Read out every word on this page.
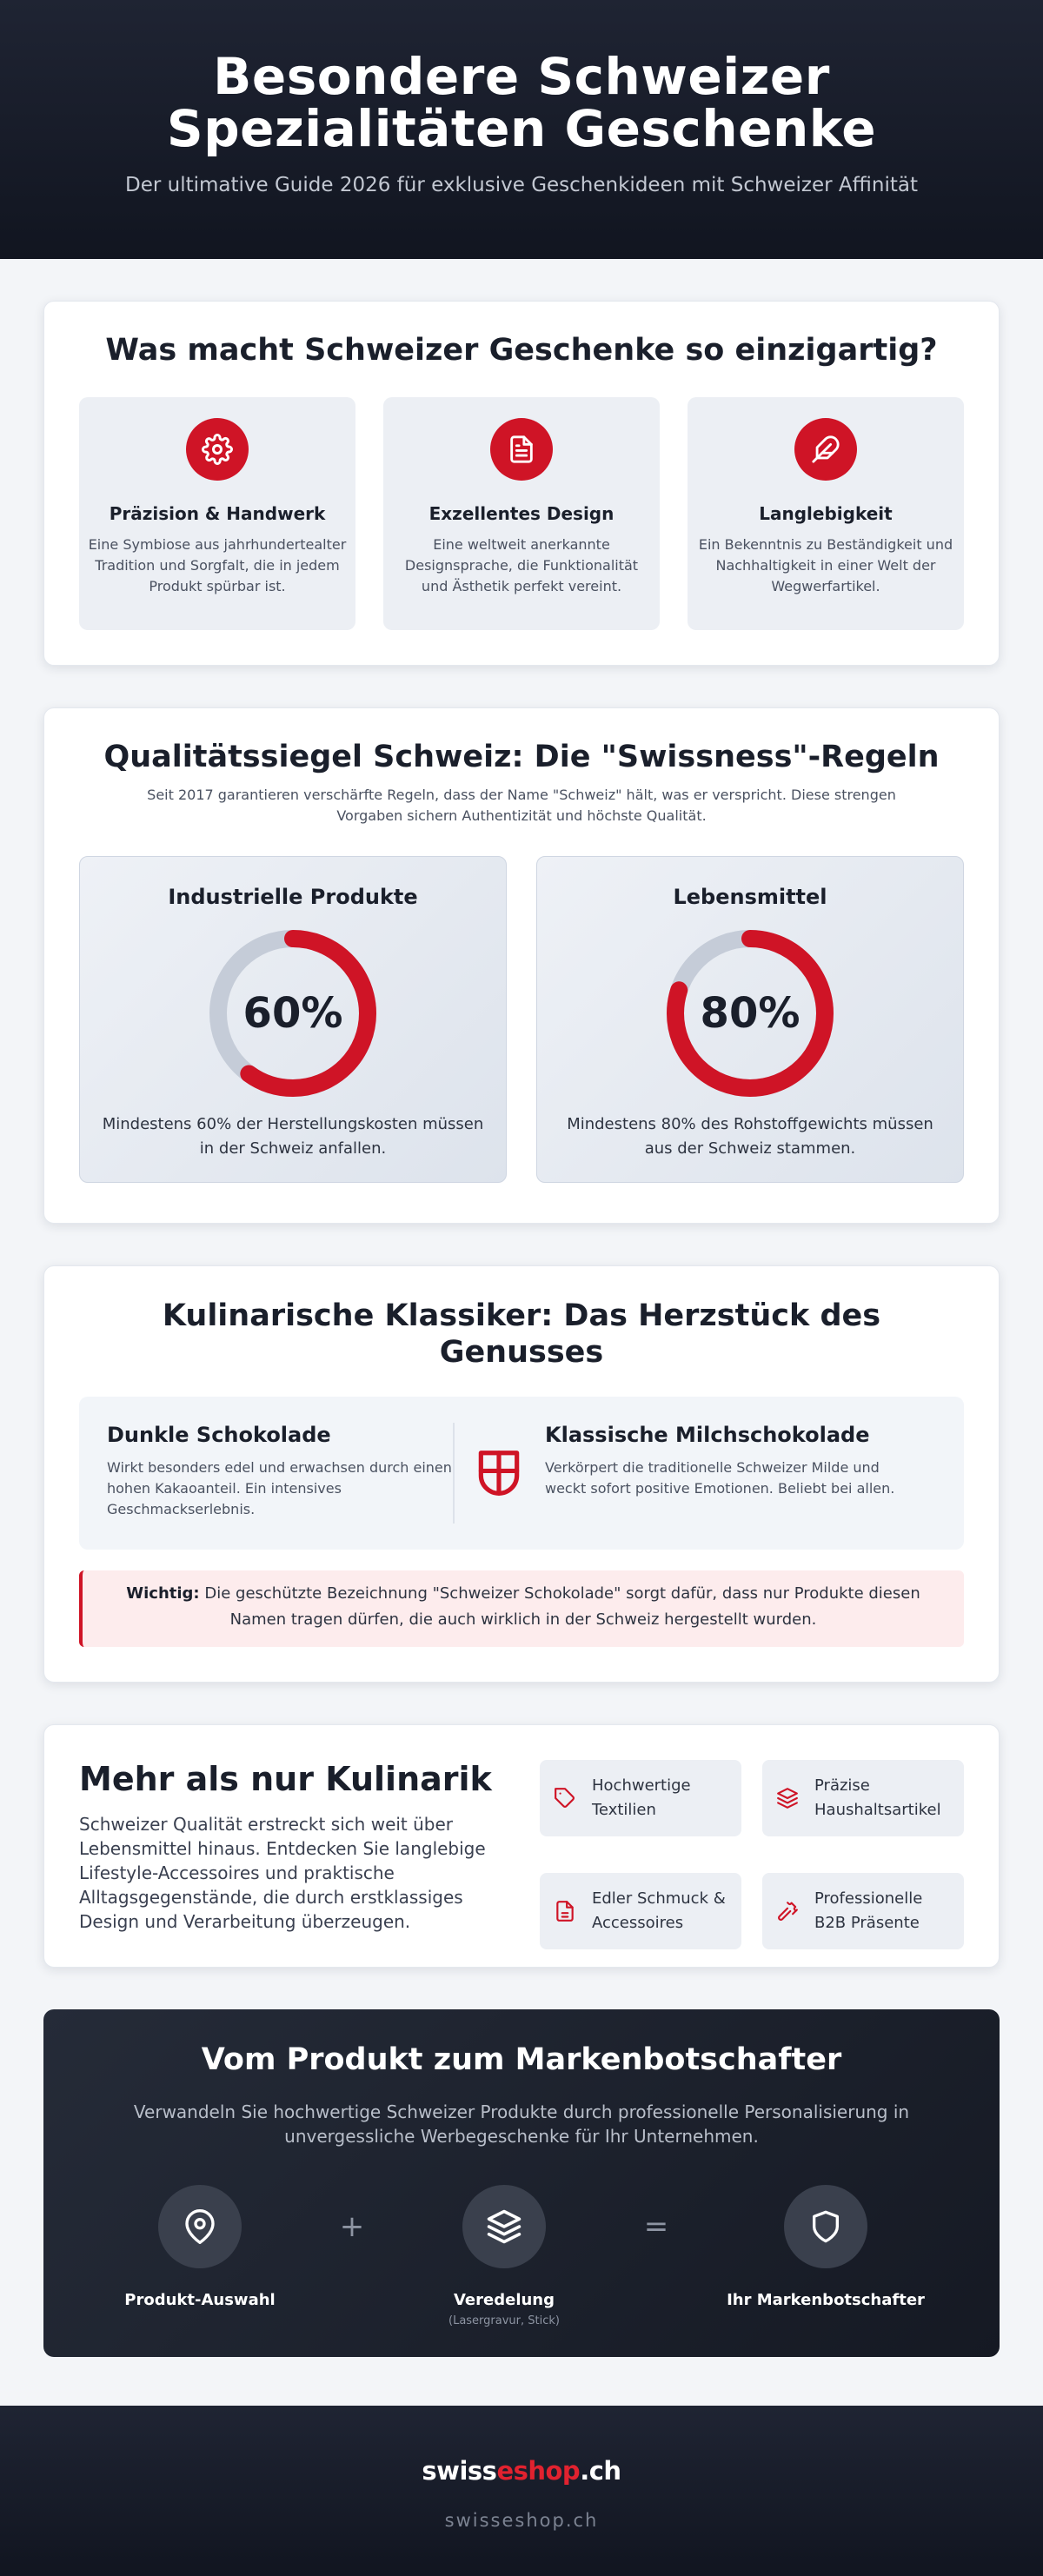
Besondere Schweizer Spezialitäten Geschenke

Der ultimative Guide 2026 für exklusive Geschenkideen mit Schweizer Affinität

Was macht Schweizer Geschenke so einzigartig?
Präzision & Handwerk

Eine Symbiose aus jahrhundertealter Tradition und Sorgfalt, die in jedem Produkt spürbar ist.

Exzellentes Design

Eine weltweit anerkannte Designsprache, die Funktionalität und Ästhetik perfekt vereint.

Langlebigkeit

Ein Bekenntnis zu Beständigkeit und Nachhaltigkeit in einer Welt der Wegwerfartikel.

Qualitätssiegel Schweiz: Die "Swissness"-Regeln

Seit 2017 garantieren verschärfte Regeln, dass der Name "Schweiz" hält, was er verspricht. Diese strengen Vorgaben sichern Authentizität und höchste Qualität.

Industrielle Produkte
60%

Mindestens 60% der Herstellungskosten müssen in der Schweiz anfallen.

Lebensmittel
80%

Mindestens 80% des Rohstoffgewichts müssen aus der Schweiz stammen.

Kulinarische Klassiker: Das Herzstück des Genusses
Dunkle Schokolade

Wirkt besonders edel und erwachsen durch einen hohen Kakaoanteil. Ein intensives Geschmackserlebnis.

Klassische Milchschokolade

Verkörpert die traditionelle Schweizer Milde und weckt sofort positive Emotionen. Beliebt bei allen.

Wichtig: Die geschützte Bezeichnung "Schweizer Schokolade" sorgt dafür, dass nur Produkte diesen Namen tragen dürfen, die auch wirklich in der Schweiz hergestellt wurden.
Mehr als nur Kulinarik

Schweizer Qualität erstreckt sich weit über Lebensmittel hinaus. Entdecken Sie langlebige Lifestyle-Accessoires und praktische Alltagsgegenstände, die durch erstklassiges Design und Verarbeitung überzeugen.

Hochwertige Textilien
Präzise Haushaltsartikel
Edler Schmuck & Accessoires
Professionelle B2B Präsente
Vom Produkt zum Markenbotschafter

Verwandeln Sie hochwertige Schweizer Produkte durch professionelle Personalisierung in unvergessliche Werbegeschenke für Ihr Unternehmen.

Produkt-Auswahl
+
Veredelung
(Lasergravur, Stick)
=
Ihr Markenbotschafter
swisseshop.ch
swisseshop.ch
